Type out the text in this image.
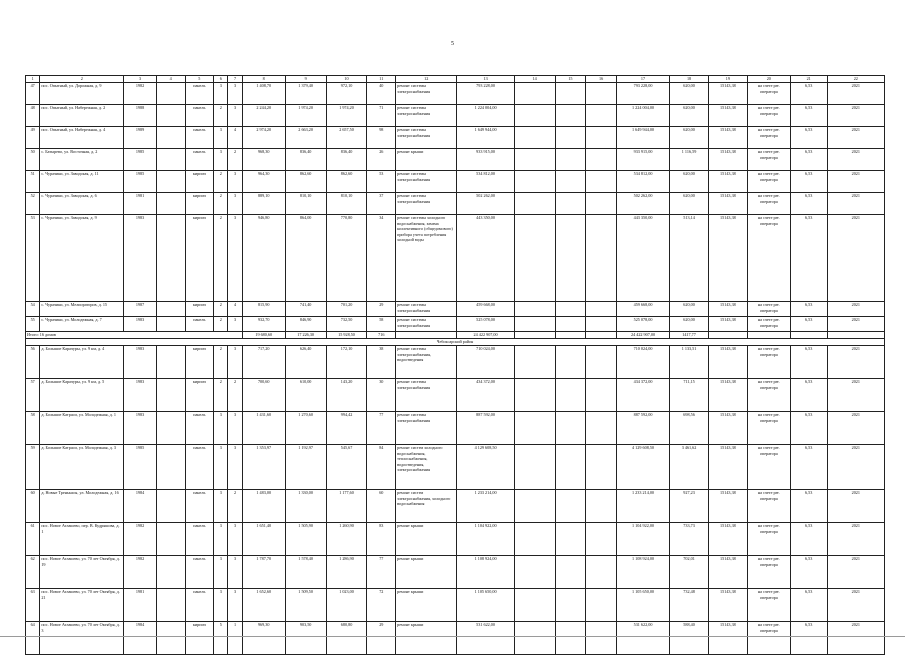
5
1	2	3	4	5	6	7	8	9	10	11	12	13	14	15	16	17	18	19	20	21	22
47	пос. Опытный, ул. Дорожная, д. 9	1982		панель	3	3	1 408,70	1 379,40	972,10	40	ремонт системы электроснабжения	793 228,00				793 228,00	620,00	15143,38	на счете рег. оператора	6,53	2021
48	пос. Опытный, ул. Набережная, д. 2	1988		панель	2	3	2 244,20	1 974,20	1 974,20	71	ремонт системы электроснабжения	1 224 004,00				1 224 004,00	620,00	15143,38	на счете рег. оператора	6,53	2021
49	пос. Опытный, ул. Набережная, д. 4	1989		панель	3	4	2 974,20	2 663,20	2 657,50	98	ремонт системы электроснабжения	1 649 944,00				1 649 944,00	620,00	15143,38	на счете рег. оператора	6,53	2021
50	с. Батырево, ул. Восточная, д. 2	1985		панель	3	2	968,30	836,40	836,40	26	ремонт крыши	933 915,00				933 915,00	1 116,59	15143,38	на счете рег. оператора	6,53	2021
51	с. Чурачики, ул. Заводская, д. 11	1985		кирпич	2	3	964,30	862,60	862,60	53	ремонт системы электроснабжения	534 812,00				534 812,00	620,00	15143,38	на счете рег. оператора	6,53	2021
52	с. Чурачики, ул. Заводская, д. 6	1981		кирпич	2	3	889,10	810,10	810,10	37	ремонт системы электроснабжения	502 262,00				502 262,00	620,00	15143,38	на счете рег. оператора	6,53	2021
53	с. Чурачики, ул. Заводская, д. 9	1983		кирпич	2	3	946,80	864,00	770,80	34	ремонт системы холодного водоснабжения, замена коллективного (общедомового) прибора учета потребления холодной воды	443 350,00				443 350,00	513,14	15143,38	на счете рег. оператора	6,53	2021
54	с. Чурачики, ул. Мелиораторов, д. 15	1987		кирпич	2	4	815,90	741,40	701,20	29	ремонт системы электроснабжения	459 668,00				459 668,00	620,00	15143,38	на счете рег. оператора	6,53	2021
55	с. Чурачики, ул. Молодежная, д. 7	1983		панель	2	3	932,70	846,90	732,50	58	ремонт системы электроснабжения	525 078,00				525 078,00	620,00	15143,38	на счете рег. оператора	6,53	2021
Итого: 16 домов							19 680,60	17 226,30	15 928,50	716		24 422 907,00				24 422 907,00	1417,77				
Чебоксарский район																					
56	д. Большие Карачуры, ул. 9 км, д. 4	1983		кирпич	2	3	717,20	626,40	172,10	38	ремонт системы электроснабжения, водоотведения	710 024,00				710 024,00	1 133,51	15143,38	на счете рег. оператора	6,53	2021
57	д. Большие Карачуры, ул. 9 км, д. 5	1983		кирпич	2	2	700,60	610,00	143,20	30	ремонт системы электроснабжения	434 372,00				434 372,00	711,15	15143,38	на счете рег. оператора	6,53	2021
58	д. Большие Катраси, ул. Молодежная, д. 1	1983		панель	3	3	1 431,60	1 270,60	994,42	77	ремонт системы электроснабжения	887 592,00				887 592,00	698,56	15143,38	на счете рег. оператора	6,53	2021
59	д. Большие Катраси, ул. Молодежная, д. 3	1985		панель	3	3	1 353,97	1 192,97	545,67	84	ремонт систем холодного водоснабжения, теплоснабжения, водоотведения, электроснабжения	4 129 608,50				4 129 608,50	3 461,62	15143,38	на счете рег. оператора	6,53	2021
60	д. Новые Тренькасы, ул. Молодежная, д. 16	1984		панель	3	2	1 483,00	1 330,00	1 177,60	60	ремонт систем электроснабжения, холодного водоснабжения	1 233 214,00				1 233 214,00	927,23	15143,38	на счете рег. оператора	6,53	2021
61	пос. Новое Атлашево, пер. В. Кудряшова, д. 1	1982		панель	3	3	1 651,40	1 505,90	1 260,90	83	ремонт крыши	1 104 922,00				1 104 922,00	733,73	15143,38	на счете рег. оператора	6,53	2021
62	пос. Новое Атлашево, ул. 70 лет Октября, д. 19	1982		панель	3	3	1 787,70	1 578,40	1 286,90	77	ремонт крыши	1 108 924,00				1 108 924,00	702,01	15143,38	на счете рег. оператора	6,53	2021
63	пос. Новое Атлашево, ул. 70 лет Октября, д. 21	1981		панель	3	3	1 652,60	1 509,50	1 023,00	72	ремонт крыши	1 105 650,00				1 105 650,00	732,48	15143,38	на счете рег. оператора	6,53	2021
64	пос. Новое Атлашево, ул. 70 лет Октября, д. 3	1984		кирпич	5	1	969,30	903,50	680,80	29	ремонт крыши	531 622,00				531 622,00	588,40	15143,38	на счете рег. оператора	6,53	2021
